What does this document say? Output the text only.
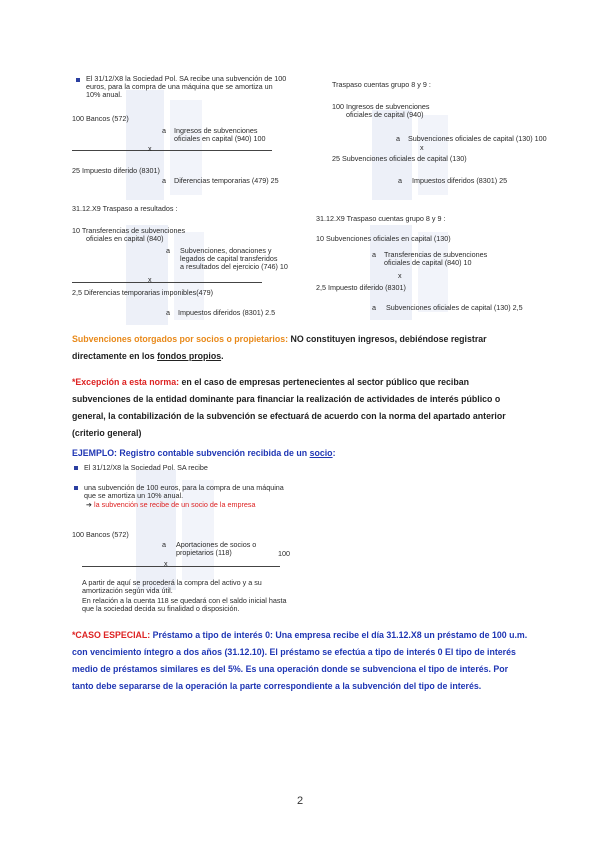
El 31/12/X8 la Sociedad Pol. SA recibe una subvención de 100
euros, para la compra de una máquina que se amortiza un
10% anual.
100 Bancos (572)
a Ingresos de subvenciones
oficiales en capital (940) 100
x
25 Impuesto diferido (8301)
a Diferencias temporarias (479) 25
Traspaso cuentas grupo 8 y 9 :
100 Ingresos de subvenciones
oficiales de capital (940)
a Subvenciones oficiales de capital (130) 100
x
25 Subvenciones oficiales de capital (130)
a Impuestos diferidos (8301) 25
31.12.X9 Traspaso a resultados :
10 Transferencias de subvenciones
oficiales en capital (840)
a Subvenciones, donaciones y
legados de capital transferidos
a resultados del ejercicio (746) 10
x
2,5 Diferencias temporarias imponibles(479)
a Impuestos diferidos (8301) 2.5
31.12.X9 Traspaso cuentas grupo 8 y 9 :
10 Subvenciones oficiales en capital (130)
a Transferencias de subvenciones
oficiales de capital (840) 10
x
2,5 Impuesto diferido (8301)
a Subvenciones oficiales de capital (130) 2,5
Subvenciones otorgados por socios o propietarios: NO constituyen ingresos, debiéndose registrar directamente en los fondos propios.
*Excepción a esta norma: en el caso de empresas pertenecientes al sector público que reciban subvenciones de la entidad dominante para financiar la realización de actividades de interés público o general, la contabilización de la subvención se efectuará de acuerdo con la norma del apartado anterior (criterio general)
EJEMPLO: Registro contable subvención recibida de un socio:
El 31/12/X8 la Sociedad Pol. SA recibe
una subvención de 100 euros, para la compra de una máquina
que se amortiza un 10% anual.
➔ la subvención se recibe de un socio de la empresa
100 Bancos (572)
a Aportaciones de socios o
propietarios (118)	100
x
A partir de aquí se procederá la compra del activo y a su
amortización según vida útil.
En relación a la cuenta 118 se quedará con el saldo inicial hasta
que la sociedad decida su finalidad o disposición.
*CASO ESPECIAL: Préstamo a tipo de interés 0: Una empresa recibe el día 31.12.X8 un préstamo de 100 u.m. con vencimiento íntegro a dos años (31.12.10). El préstamo se efectúa a tipo de interés 0 El tipo de interés medio de préstamos similares es del 5%. Es una operación donde se subvenciona el tipo de interés. Por tanto debe separarse de la operación la parte correspondiente a la subvención del tipo de interés.
2
